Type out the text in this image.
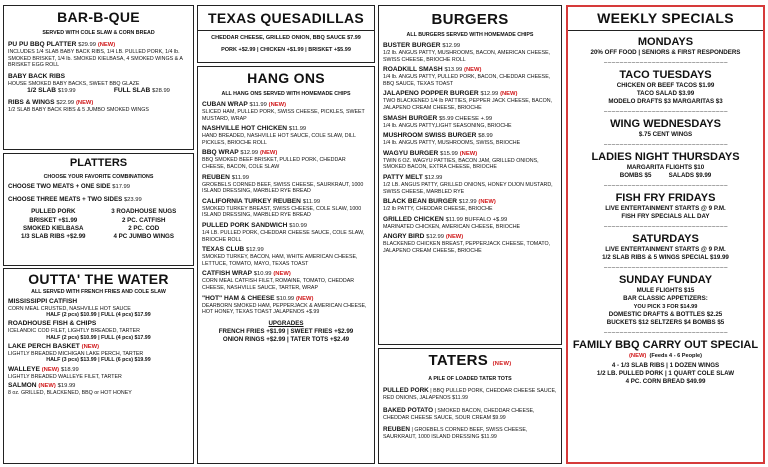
BAR-B-QUE
SERVED WITH COLE SLAW & CORN BREAD
PU PU BBQ PLATTER $29.99 (NEW)
INCLUDES 1/4 SLAB BABY BACK RIBS, 1/4 LB. PULLED PORK, 1/4 lb. SMOKED BRISKET, 1/4 lb. SMOKED KIELBASA, 4 SMOKED WINGS & A BRISKET EGG ROLL
BABY BACK RIBS
HOUSE SMOKED BABY BACKS, SWEET BBQ GLAZE
1/2 SLAB $19.99	FULL SLAB $28.99
RIBS & WINGS $22.99 (NEW)
1/2 SLAB BABY BACK RIBS & 5 JUMBO SMOKED WINGS
PLATTERS
CHOOSE YOUR FAVORITE COMBINATIONS
CHOOSE TWO MEATS + ONE SIDE $17.99
CHOOSE THREE MEATS + TWO SIDES $23.99
PULLED PORK	3 ROADHOUSE NUGS
BRISKET +$1.99	2 PC. CATFISH
SMOKED KIELBASA	2 PC. COD
1/3 SLAB RIBS +$2.99	4 PC JUMBO WINGS
OUTTA' THE WATER
ALL SERVED WITH FRENCH FRIES AND COLE SLAW
MISSISSIPPI CATFISH
CORN MEAL CRUSTED, NASHVILLE HOT SAUCE
HALF (2 pcs) $10.99 | FULL (4 pcs) $17.99
ROADHOUSE FISH & CHIPS
ICELANDIC COD FILET, LIGHTLY BREADED, TARTER
HALF (2 pcs) $10.99 | FULL (4 pcs) $17.99
LAKE PERCH BASKET (NEW)
LIGHTLY BREADED MICHIGAN LAKE PERCH, TARTER
HALF (3 pcs) $13.99 | FULL (6 pcs) $19.99
WALLEYE (NEW) $18.99
LIGHTLY BREADED WALLEYE FILET, TARTER
SALMON (NEW) $19.99
8 oz. GRILLED, BLACKENED, BBQ or HOT HONEY
TEXAS QUESADILLAS
CHEDDAR CHEESE, GRILLED ONION, BBQ SAUCE $7.99
PORK +$2.99 | CHICKEN +$1.99 | BRISKET +$5.99
HANG ONS
ALL HANG ONS SERVED WITH HOMEMADE CHIPS
CUBAN WRAP $11.99 (NEW)
SLICED HAM, PULLED PORK, SWISS CHEESE, PICKLES, SWEET MUSTARD, WRAP
NASHVILLE HOT CHICKEN $11.99
HAND BREADED, NASHVILLE HOT SAUCE, COLE SLAW, DILL PICKLES, BRIOCHE ROLL
BBQ WRAP $12.99 (NEW)
BBQ SMOKED BEEF BRISKET, PULLED PORK, CHEDDAR CHEESE, BACON, COLE SLAW
REUBEN $11.99
GROEBELS CORNED BEEF, SWISS CHEESE, SAURKRAUT, 1000 ISLAND DRESSING, MARBLED RYE BREAD
CALIFORNIA TURKEY REUBEN $11.99
SMOKED TURKEY BREAST, SWISS CHEESE, COLE SLAW, 1000 ISLAND DRESSING, MARBLED RYE BREAD
PULLED PORK SANDWICH $10.99
1/4 LB. PULLED PORK, CHEDDAR CHEESE SAUCE, COLE SLAW, BRIOCHE ROLL
TEXAS CLUB $12.99
SMOKED TURKEY, BACON, HAM, WHITE AMERICAN CHEESE, LETTUCE, TOMATO, MAYO, TEXAS TOAST
CATFISH WRAP $10.99 (NEW)
CORN MEAL CATFISH FILET, ROMAINE, TOMATO, CHEDDAR CHEESE, NASHVILLE SAUCE, TARTER, WRAP
"HOT" HAM & CHEESE $10.99 (NEW)
DEARBORN SMOKED HAM, PEPPERJACK & AMERICAN CHEESE, HOT HONEY, TEXAS TOAST JALAPENOS +$.99
UPGRADES
FRENCH FRIES +$1.99 | SWEET FRIES +$2.99
ONION RINGS +$2.99 | TATER TOTS +$2.49
BURGERS
ALL BURGERS SERVED WITH HOMEMADE CHIPS
BUSTER BURGER $12.99
1/2 lb. ANGUS PATTY, MUSHROOMS, BACON, AMERICAN CHEESE, SWISS CHEESE, BRIOCHE ROLL
ROADKILL SMASH $13.99 (NEW)
1/4 lb. ANGUS PATTY, PULLED PORK, BACON, CHEDDAR CHEESE, BBQ SAUCE, TEXAS TOAST
JALAPENO POPPER BURGER $12.99 (NEW)
TWO BLACKENED 1/4 lb PATTIES, PEPPER JACK CHEESE, BACON, JALAPENO CREAM CHEESE, BRIOCHE
SMASH BURGER $5.99 CHEESE +.99
1/4 lb. ANGUS PATTY,LIGHT SEASONING, BRIOCHE
MUSHROOM SWISS BURGER $8.99
1/4 lb. ANGUS PATTY, MUSHROOMS, SWISS, BRIOCHE
WAGYU BURGER $15.99 (NEW)
TWIN 6 OZ. WAGYU PATTIES, BACON JAM, GRILLED ONIONS, SMOKED BACON, EXTRA CHEESE, BRIOCHE
PATTY MELT $12.99
1/2 LB. ANGUS PATTY, GRILLED ONIONS, HONEY DIJON MUSTARD, SWISS CHEESE, MARBLED RYE
BLACK BEAN BURGER $12.99 (NEW)
1/2 lb PATTY, CHEDDAR CHEESE, BRIOCHE
GRILLED CHICKEN $11.99 BUFFALO +$.99
MARINATED CHICKEN, AMERICAN CHEESE, BRIOCHE
ANGRY BIRD $12.99 (NEW)
BLACKENED CHICKEN BREAST, PEPPERJACK CHEESE, TOMATO, JALAPENO CREAM CHEESE, BRIOCHE
TATERS (NEW)
A PILE OF LOADED TATER TOTS
PULLED PORK | BBQ PULLED PORK, CHEDDAR CHEESE SAUCE, RED ONIONS, JALAPENOS $11.99
BAKED POTATO | SMOKED BACON, CHEDDAR CHEESE, CHEDDAR CHEESE SAUCE, SOUR CREAM $9.99
REUBEN | GROEBELS CORNED BEEF, SWISS CHEESE, SAURKRAUT, 1000 ISLAND DRESSING $11.99
WEEKLY SPECIALS
MONDAYS
20% OFF FOOD | SENIORS & FIRST RESPONDERS
– – – – – – – – – – – – – – – – – – – – – – – – – – – – – – –
TACO TUESDAYS
CHICKEN OR BEEF TACOS $1.99
TACO SALAD $3.99
MODELO DRAFTS $3 MARGARITAS $3
– – – – – – – – – – – – – – – – – – – – – – – – – – – – – – –
WING WEDNESDAYS
$.75 CENT WINGS
– – – – – – – – – – – – – – – – – – – – – – – – – – – – – – –
LADIES NIGHT THURSDAYS
MARGARITA FLIGHTS $10
BOMBS $5          SALADS $9.99
– – – – – – – – – – – – – – – – – – – – – – – – – – – – – – –
FISH FRY FRIDAYS
LIVE ENTERTAINMENT STARTS @ 9 P.M.
FISH FRY SPECIALS ALL DAY
– – – – – – – – – – – – – – – – – – – – – – – – – – – – – – –
SATURDAYS
LIVE ENTERTAINMENT STARTS @ 9 P.M.
1/2 SLAB RIBS & 5 WINGS SPECIAL $19.99
– – – – – – – – – – – – – – – – – – – – – – – – – – – – – – –
SUNDAY FUNDAY
MULE FLIGHTS $15
BAR CLASSIC APPETIZERS:
YOU PICK 3 FOR $14.99
DOMESTIC DRAFTS & BOTTLES $2.25
BUCKETS $12 SELTZERS $4 BOMBS $5
– – – – – – – – – – – – – – – – – – – – – – – – – – – – – – –
FAMILY BBQ CARRY OUT SPECIAL
(NEW) (Feeds 4 - 6 People)
4 - 1/3 SLAB RIBS | 1 DOZEN WINGS
1/2 LB. PULLED PORK | 1 QUART COLE SLAW
4 PC. CORN BREAD $49.99
